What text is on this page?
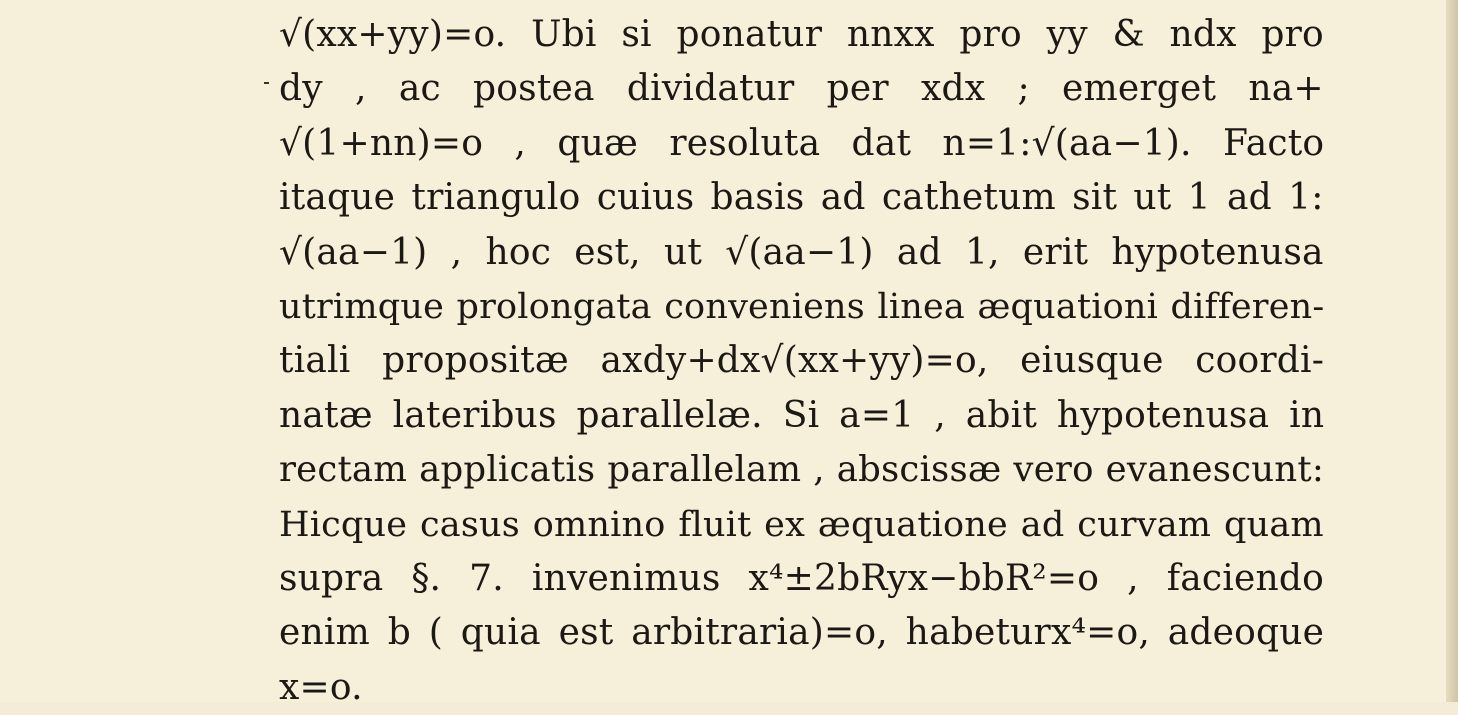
√(xx+yy)=o. Ubi si ponatur nnxx pro yy & ndx pro
dy , ac postea dividatur per xdx ; emerget na+
√(1+nn)=o , quæ resoluta dat n=1:√(aa−1). Facto
itaque triangulo cuius basis ad cathetum sit ut 1 ad 1:
√(aa−1) , hoc est, ut √(aa−1) ad 1, erit hypotenusa
utrimque prolongata conveniens linea æquationi differen-
tiali propositæ axdy+dx√(xx+yy)=o, eiusque coordi-
natæ lateribus parallelæ. Si a=1 , abit hypotenusa in
rectam applicatis parallelam , abscissæ vero evanescunt:
Hicque casus omnino fluit ex æquatione ad curvam quam
supra §. 7. invenimus x⁴±2bRyx−bbR²=o , faciendo
enim b ( quia est arbitraria)=o, habeturx⁴=o, adeoque
x=o.
